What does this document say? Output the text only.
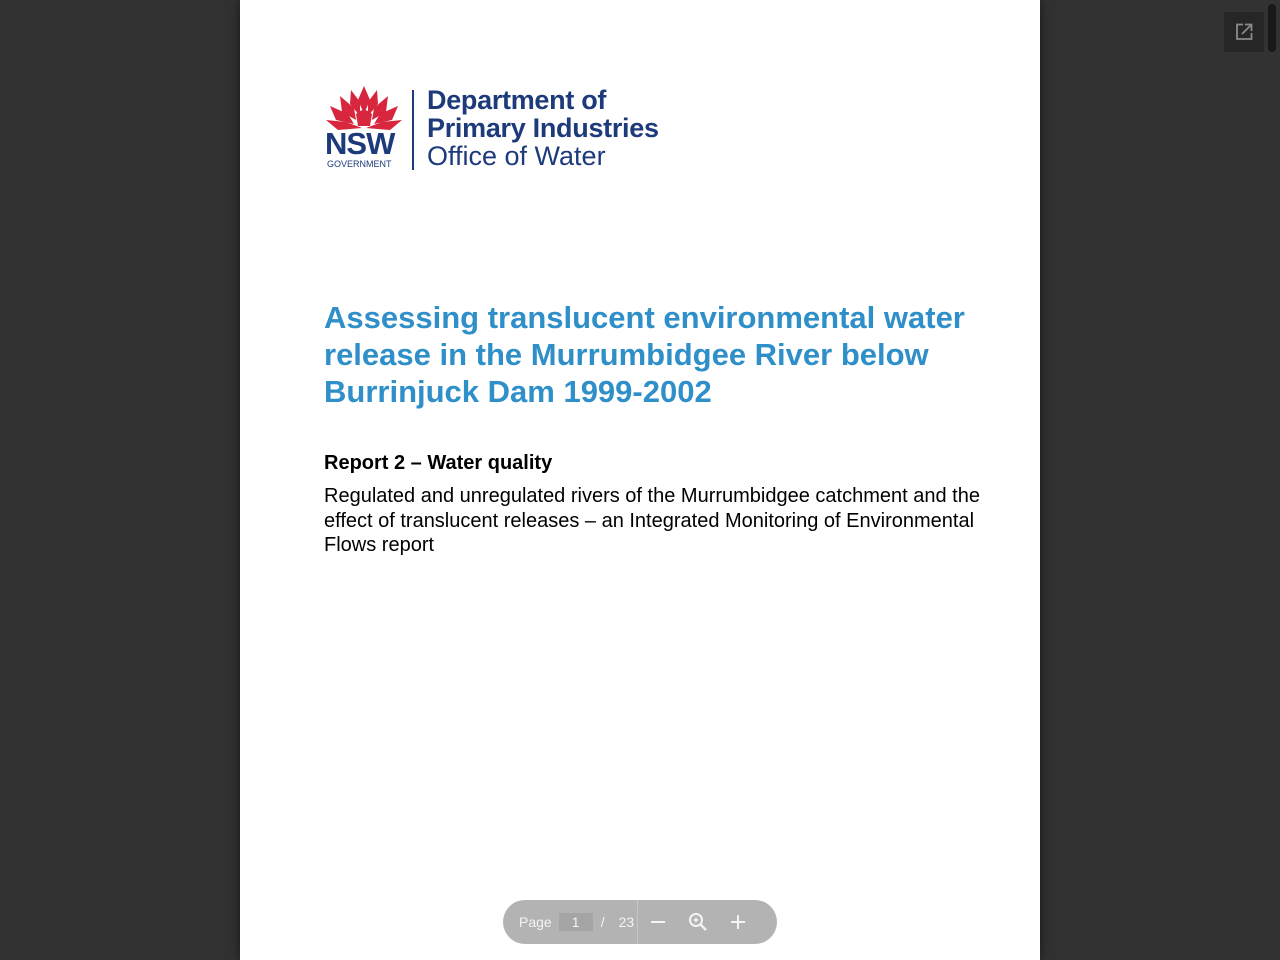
NSW
GOVERNMENT
Department of
Primary Industries
Office of Water
Assessing translucent environmental water release in the Murrumbidgee River below Burrinjuck Dam 1999-2002
Report 2 – Water quality

Regulated and unregulated rivers of the Murrumbidgee catchment and the effect of translucent releases – an Integrated Monitoring of Environmental Flows report

Page
1	/ 23
